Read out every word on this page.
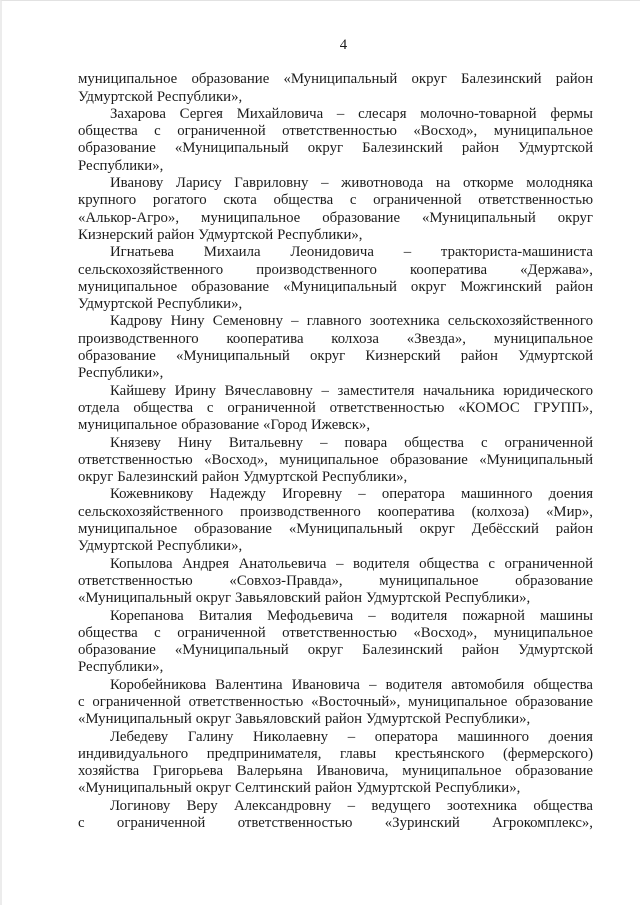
4
муниципальное образование «Муниципальный округ Балезинский район
Удмуртской Республики»,
Захарова Сергея Михайловича – слесаря молочно-товарной фермы
общества с ограниченной ответственностью «Восход», муниципальное
образование «Муниципальный округ Балезинский район Удмуртской
Республики»,
Иванову Ларису Гавриловну – животновода на откорме молодняка
крупного рогатого скота общества с ограниченной ответственностью
«Алькор-Агро», муниципальное образование «Муниципальный округ
Кизнерский район Удмуртской Республики»,
Игнатьева Михаила Леонидовича – тракториста-машиниста
сельскохозяйственного производственного кооператива «Держава»,
муниципальное образование «Муниципальный округ Можгинский район
Удмуртской Республики»,
Кадрову Нину Семеновну – главного зоотехника сельскохозяйственного
производственного кооператива колхоза «Звезда», муниципальное
образование «Муниципальный округ Кизнерский район Удмуртской
Республики»,
Кайшеву Ирину Вячеславовну – заместителя начальника юридического
отдела общества с ограниченной ответственностью «КОМОС ГРУПП»,
муниципальное образование «Город Ижевск»,
Князеву Нину Витальевну – повара общества с ограниченной
ответственностью «Восход», муниципальное образование «Муниципальный
округ Балезинский район Удмуртской Республики»,
Кожевникову Надежду Игоревну – оператора машинного доения
сельскохозяйственного производственного кооператива (колхоза) «Мир»,
муниципальное образование «Муниципальный округ Дебёсский район
Удмуртской Республики»,
Копылова Андрея Анатольевича – водителя общества с ограниченной
ответственностью «Совхоз-Правда», муниципальное образование
«Муниципальный округ Завьяловский район Удмуртской Республики»,
Корепанова Виталия Мефодьевича – водителя пожарной машины
общества с ограниченной ответственностью «Восход», муниципальное
образование «Муниципальный округ Балезинский район Удмуртской
Республики»,
Коробейникова Валентина Ивановича – водителя автомобиля общества
с ограниченной ответственностью «Восточный», муниципальное образование
«Муниципальный округ Завьяловский район Удмуртской Республики»,
Лебедеву Галину Николаевну – оператора машинного доения
индивидуального предпринимателя, главы крестьянского (фермерского)
хозяйства Григорьева Валерьяна Ивановича, муниципальное образование
«Муниципальный округ Селтинский район Удмуртской Республики»,
Логинову Веру Александровну – ведущего зоотехника общества
с ограниченной ответственностью «Зуринский Агрокомплекс»,
